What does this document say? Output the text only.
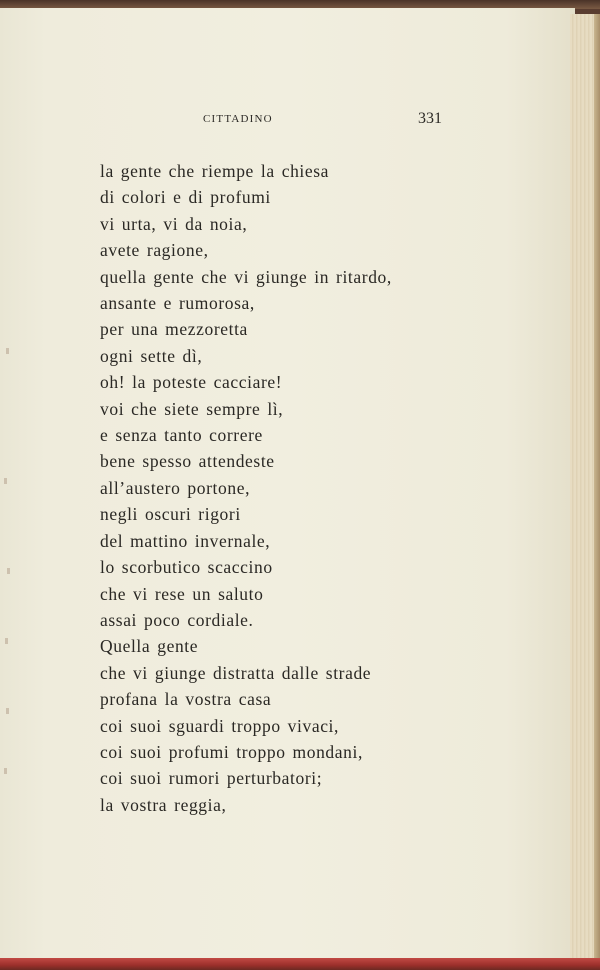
CITTADINO	331
la gente che riempe la chiesa
di colori e di profumi
vi urta, vi da noia,
avete ragione,
quella gente che vi giunge in ritardo,
ansante e rumorosa,
per una mezzoretta
ogni sette dì,
oh! la poteste cacciare!
voi che siete sempre lì,
e senza tanto correre
bene spesso attendeste
all’austero portone,
negli oscuri rigori
del mattino invernale,
lo scorbutico scaccino
che vi rese un saluto
assai poco cordiale.
Quella gente
che vi giunge distratta dalle strade
profana la vostra casa
coi suoi sguardi troppo vivaci,
coi suoi profumi troppo mondani,
coi suoi rumori perturbatori;
la vostra reggia,
